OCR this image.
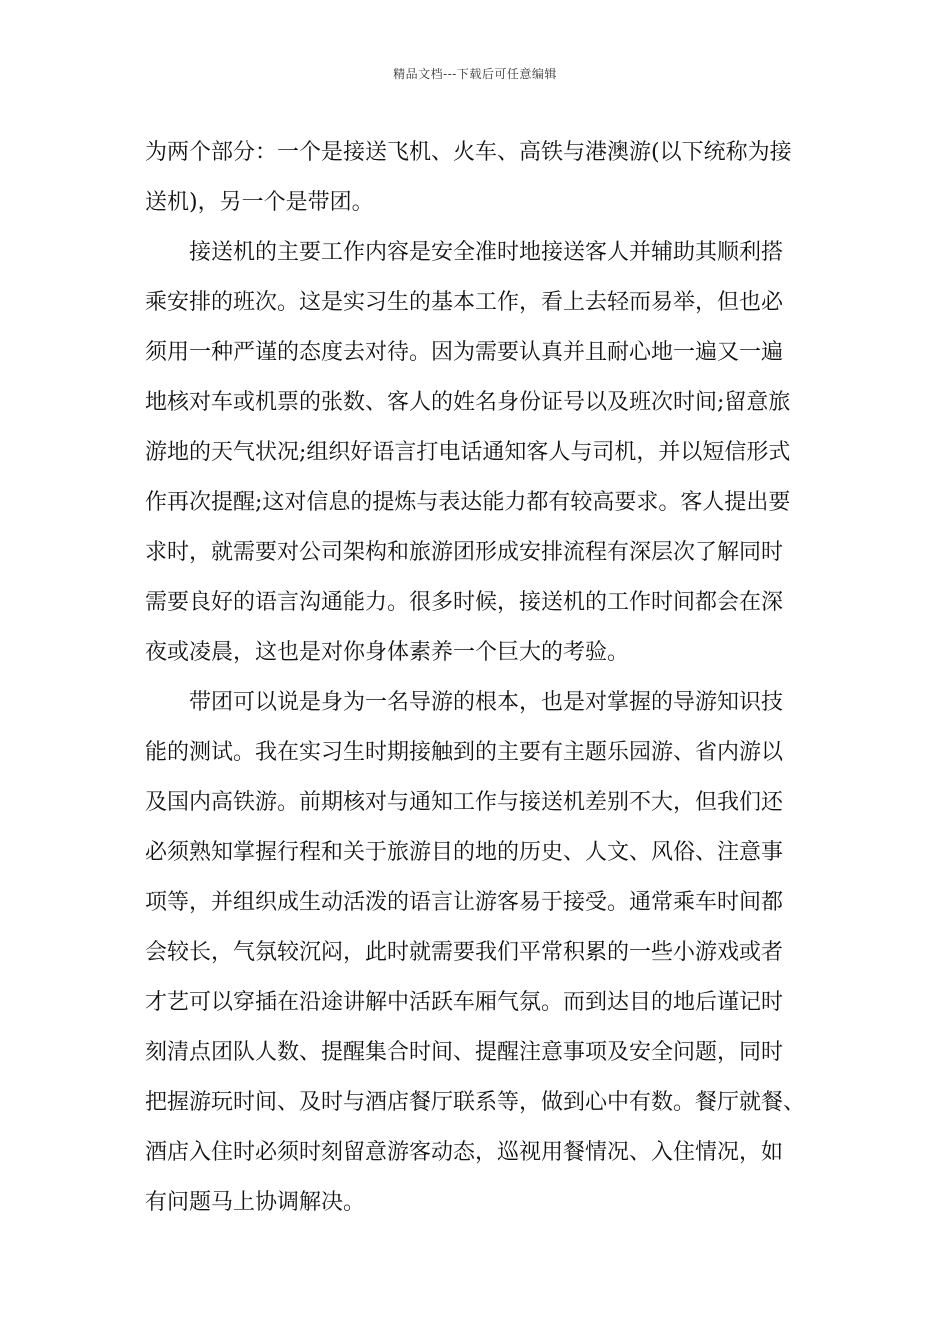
精品文档---下载后可任意编辑
为两个部分：一个是接送飞机、火车、高铁与港澳游(以下统称为接
送机)，另一个是带团。
接送机的主要工作内容是安全准时地接送客人并辅助其顺利搭
乘安排的班次。这是实习生的基本工作，看上去轻而易举，但也必
须用一种严谨的态度去对待。因为需要认真并且耐心地一遍又一遍
地核对车或机票的张数、客人的姓名身份证号以及班次时间;留意旅
游地的天气状况;组织好语言打电话通知客人与司机，并以短信形式
作再次提醒;这对信息的提炼与表达能力都有较高要求。客人提出要
求时，就需要对公司架构和旅游团形成安排流程有深层次了解同时
需要良好的语言沟通能力。很多时候，接送机的工作时间都会在深
夜或凌晨，这也是对你身体素养一个巨大的考验。
带团可以说是身为一名导游的根本，也是对掌握的导游知识技
能的测试。我在实习生时期接触到的主要有主题乐园游、省内游以
及国内高铁游。前期核对与通知工作与接送机差别不大，但我们还
必须熟知掌握行程和关于旅游目的地的历史、人文、风俗、注意事
项等，并组织成生动活泼的语言让游客易于接受。通常乘车时间都
会较长，气氛较沉闷，此时就需要我们平常积累的一些小游戏或者
才艺可以穿插在沿途讲解中活跃车厢气氛。而到达目的地后谨记时
刻清点团队人数、提醒集合时间、提醒注意事项及安全问题，同时
把握游玩时间、及时与酒店餐厅联系等，做到心中有数。餐厅就餐、
酒店入住时必须时刻留意游客动态，巡视用餐情况、入住情况，如
有问题马上协调解决。
